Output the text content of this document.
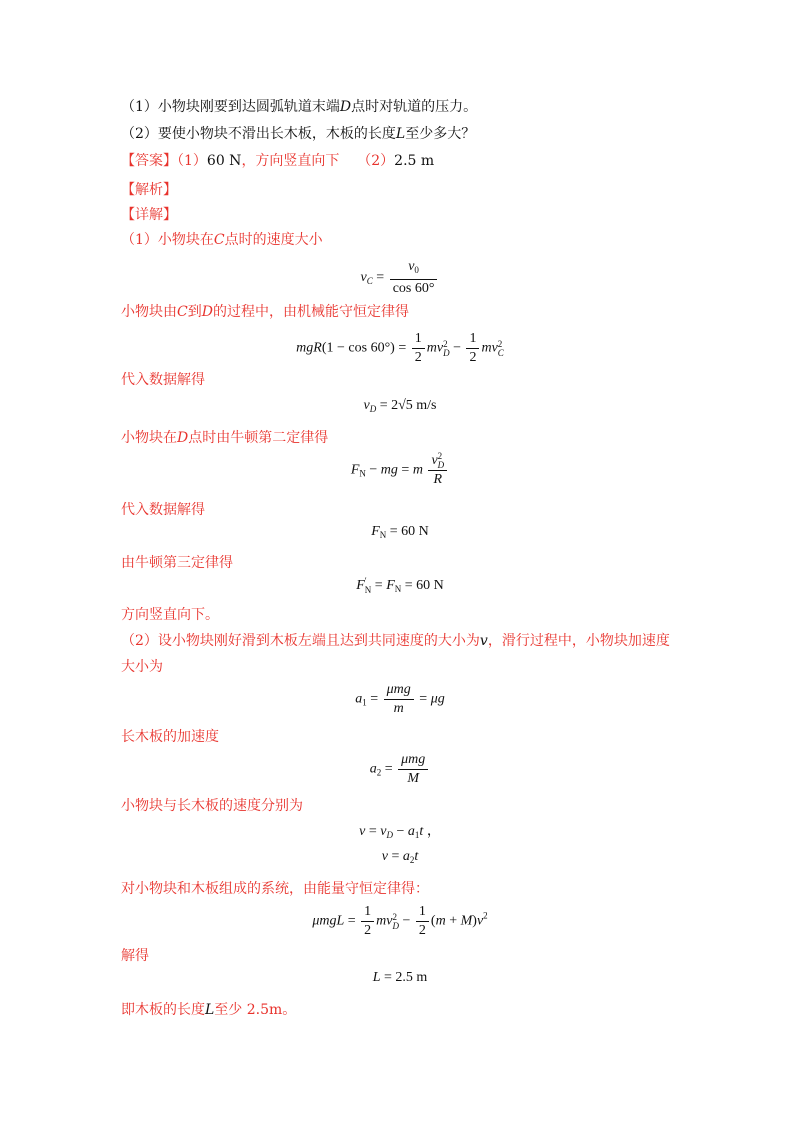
（1）小物块刚要到达圆弧轨道末端D点时对轨道的压力。
（2）要使小物块不滑出长木板，木板的长度L至少多大？
【答案】（1）60 N，方向竖直向下 （2）2.5 m
【解析】
【详解】
（1）小物块在C点时的速度大小
$v_C = \frac{v_0}{\cos 60^\circ}$
小物块由C到D的过程中，由机械能守恒定律得
$mgR(1 - \cos 60^\circ) = \frac{1}{2}$ mv 2
$D - \frac{1}{2}$ mv 2
C
代入数据解得
$v_D = 2√5$ m/s
小物块在D点时由牛顿第二定律得
$F_N$ − mg = m v 2
D
R
代入数据解得
$F_N = 60$ N
由牛顿第三定律得
F ′
$N = F_N = 60$ N
方向竖直向下。
（2）设小物块刚好滑到木板左端且达到共同速度的大小为v，滑行过程中，小物块加速度
大小为
$a_1 = \frac{\text{μmg}}{m} = \mu g$
长木板的加速度
$a_2 = \frac{\text{μmg}}{M}$
小物块与长木板的速度分别为
$v = v_D - a_1t$ ，
$v = a_2t$
对小物块和木板组成的系统，由能量守恒定律得：
$\mu mgL = \frac{1}{2}$ mv 2
$D - \frac{1}{2} (m + M)v^2$
解得
L = 2.5 m
即木板的长度L至少 2.5m。
